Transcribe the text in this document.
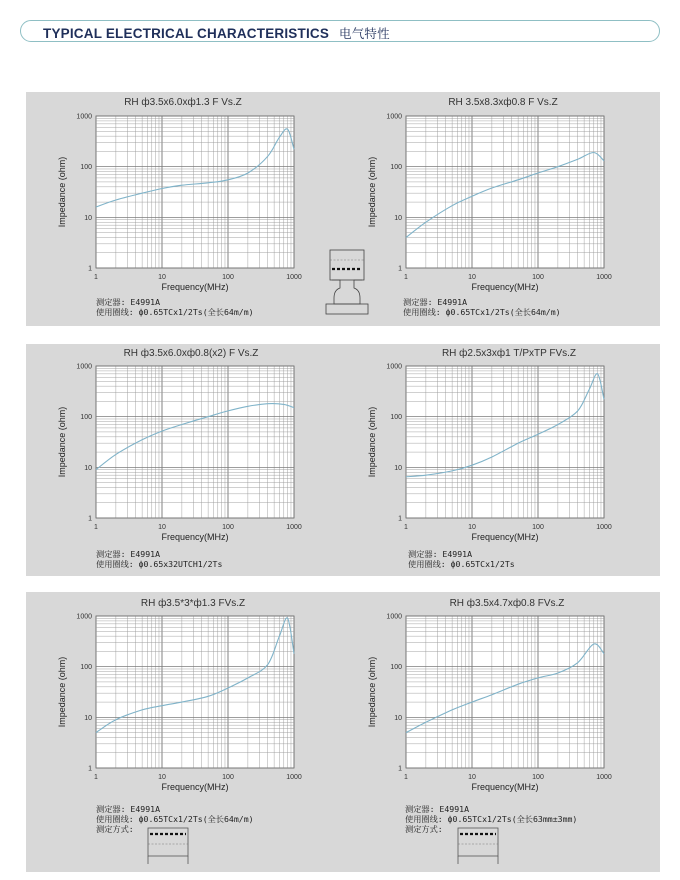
TYPICAL ELECTRICAL CHARACTERISTICS 电气特性
RH ф3.5x6.0xф1.3 F Vs.Z
1
10
100
1000
1	10	100	1000
Frequency(MHz)
Impedance (ohm)
测定器: E4991A
使用圈线: ф0.65TCx1/2Ts(全长64m/m)
RH 3.5x8.3xф0.8 F Vs.Z
1
10
100
1000
1	10	100	1000
Frequency(MHz)
Impedance (ohm)
测定器: E4991A
使用圈线: ф0.65TCx1/2Ts(全长64m/m)
RH ф3.5x6.0xф0.8(x2) F Vs.Z
1
10
100
1000
1	10	100	1000
Frequency(MHz)
Impedance (ohm)
测定器: E4991A
使用圈线: ф0.65x32UTCH1/2Ts
RH ф2.5x3xф1 T/PxTP FVs.Z
1
10
100
1000
1	10	100	1000
Frequency(MHz)
Impedance (ohm)
测定器: E4991A
使用圈线: ф0.65TCx1/2Ts
RH ф3.5*3*ф1.3 FVs.Z
1
10
100
1000
1	10	100	1000
Frequency(MHz)
Impedance (ohm)
测定器: E4991A
使用圈线: ф0.65TCx1/2Ts(全长64m/m)
测定方式:
RH ф3.5x4.7xф0.8 FVs.Z
1
10
100
1000
1	10	100	1000
Frequency(MHz)
Impedance (ohm)
测定器: E4991A
使用圈线: ф0.65TCx1/2Ts(全长63mm±3mm)
测定方式:
